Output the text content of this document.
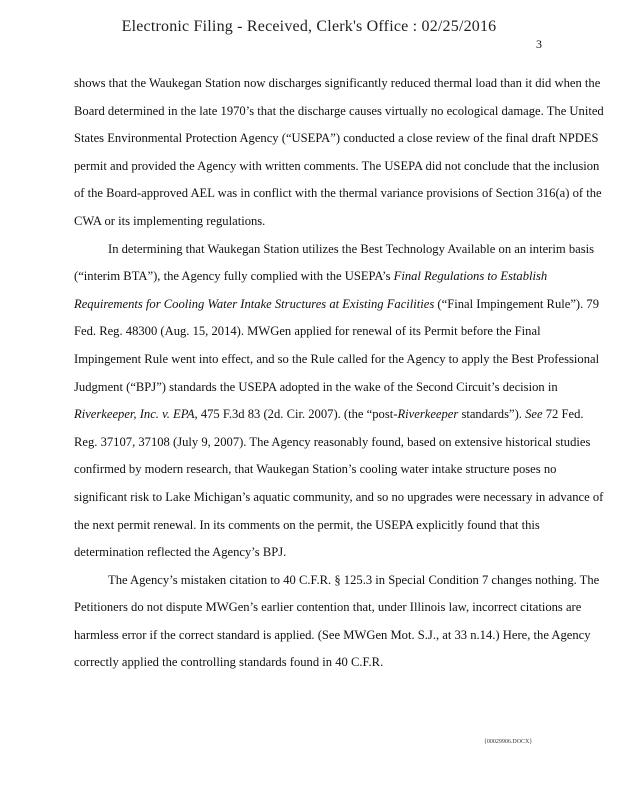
Electronic Filing - Received, Clerk's Office : 02/25/2016
3

shows that the Waukegan Station now discharges significantly reduced thermal load than it did when the Board determined in the late 1970’s that the discharge causes virtually no ecological damage. The United States Environmental Protection Agency (“USEPA”) conducted a close review of the final draft NPDES permit and provided the Agency with written comments. The USEPA did not conclude that the inclusion of the Board-approved AEL was in conflict with the thermal variance provisions of Section 316(a) of the CWA or its implementing regulations.

In determining that Waukegan Station utilizes the Best Technology Available on an interim basis (“interim BTA”), the Agency fully complied with the USEPA’s Final Regulations to Establish Requirements for Cooling Water Intake Structures at Existing Facilities (“Final Impingement Rule”). 79 Fed. Reg. 48300 (Aug. 15, 2014). MWGen applied for renewal of its Permit before the Final Impingement Rule went into effect, and so the Rule called for the Agency to apply the Best Professional Judgment (“BPJ”) standards the USEPA adopted in the wake of the Second Circuit’s decision in Riverkeeper, Inc. v. EPA, 475 F.3d 83 (2d. Cir. 2007). (the “post-Riverkeeper standards”). See 72 Fed. Reg. 37107, 37108 (July 9, 2007). The Agency reasonably found, based on extensive historical studies confirmed by modern research, that Waukegan Station’s cooling water intake structure poses no significant risk to Lake Michigan’s aquatic community, and so no upgrades were necessary in advance of the next permit renewal. In its comments on the permit, the USEPA explicitly found that this determination reflected the Agency’s BPJ.

The Agency’s mistaken citation to 40 C.F.R. § 125.3 in Special Condition 7 changes nothing. The Petitioners do not dispute MWGen’s earlier contention that, under Illinois law, incorrect citations are harmless error if the correct standard is applied. (See MWGen Mot. S.J., at 33 n.14.) Here, the Agency correctly applied the controlling standards found in 40 C.F.R.

{00029906.DOCX}
